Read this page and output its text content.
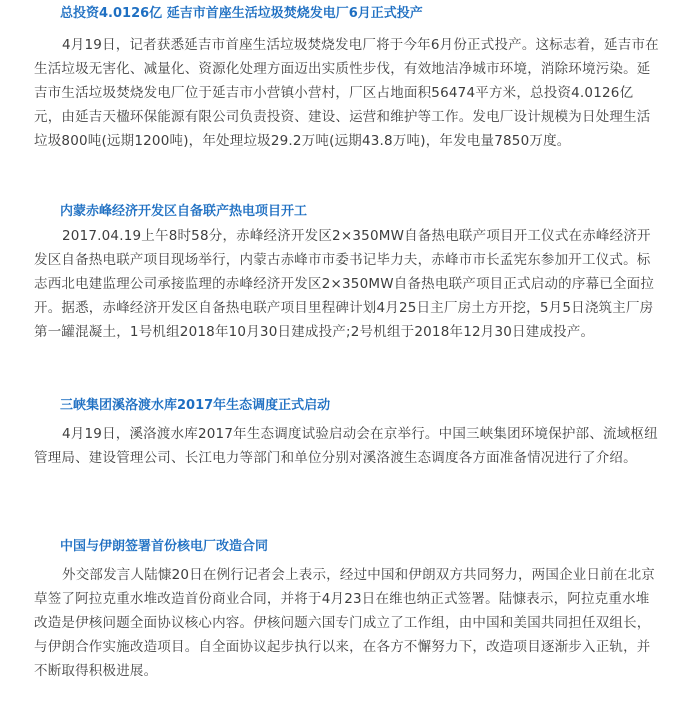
总投资4.0126亿 延吉市首座生活垃圾焚烧发电厂6月正式投产

4月19日，记者获悉延吉市首座生活垃圾焚烧发电厂将于今年6月份正式投产。这标志着，延吉市在生活垃圾无害化、减量化、资源化处理方面迈出实质性步伐，有效地洁净城市环境，消除环境污染。延吉市生活垃圾焚烧发电厂位于延吉市小营镇小营村，厂区占地面积56474平方米，总投资4.0126亿元，由延吉天楹环保能源有限公司负责投资、建设、运营和维护等工作。发电厂设计规模为日处理生活垃圾800吨(远期1200吨)，年处理垃圾29.2万吨(远期43.8万吨)，年发电量7850万度。

内蒙赤峰经济开发区自备联产热电项目开工

2017.04.19上午8时58分，赤峰经济开发区2×350MW自备热电联产项目开工仪式在赤峰经济开发区自备热电联产项目现场举行，内蒙古赤峰市市委书记毕力夫，赤峰市市长孟宪东参加开工仪式。标志西北电建监理公司承接监理的赤峰经济开发区2×350MW自备热电联产项目正式启动的序幕已全面拉开。据悉，赤峰经济开发区自备热电联产项目里程碑计划4月25日主厂房土方开挖，5月5日浇筑主厂房第一罐混凝土，1号机组2018年10月30日建成投产;2号机组于2018年12月30日建成投产。

三峡集团溪洛渡水库2017年生态调度正式启动

4月19日，溪洛渡水库2017年生态调度试验启动会在京举行。中国三峡集团环境保护部、流域枢纽管理局、建设管理公司、长江电力等部门和单位分别对溪洛渡生态调度各方面准备情况进行了介绍。

中国与伊朗签署首份核电厂改造合同

外交部发言人陆慷20日在例行记者会上表示，经过中国和伊朗双方共同努力，两国企业日前在北京草签了阿拉克重水堆改造首份商业合同，并将于4月23日在维也纳正式签署。陆慷表示，阿拉克重水堆改造是伊核问题全面协议核心内容。伊核问题六国专门成立了工作组，由中国和美国共同担任双组长，与伊朗合作实施改造项目。自全面协议起步执行以来，在各方不懈努力下，改造项目逐渐步入正轨，并不断取得积极进展。
